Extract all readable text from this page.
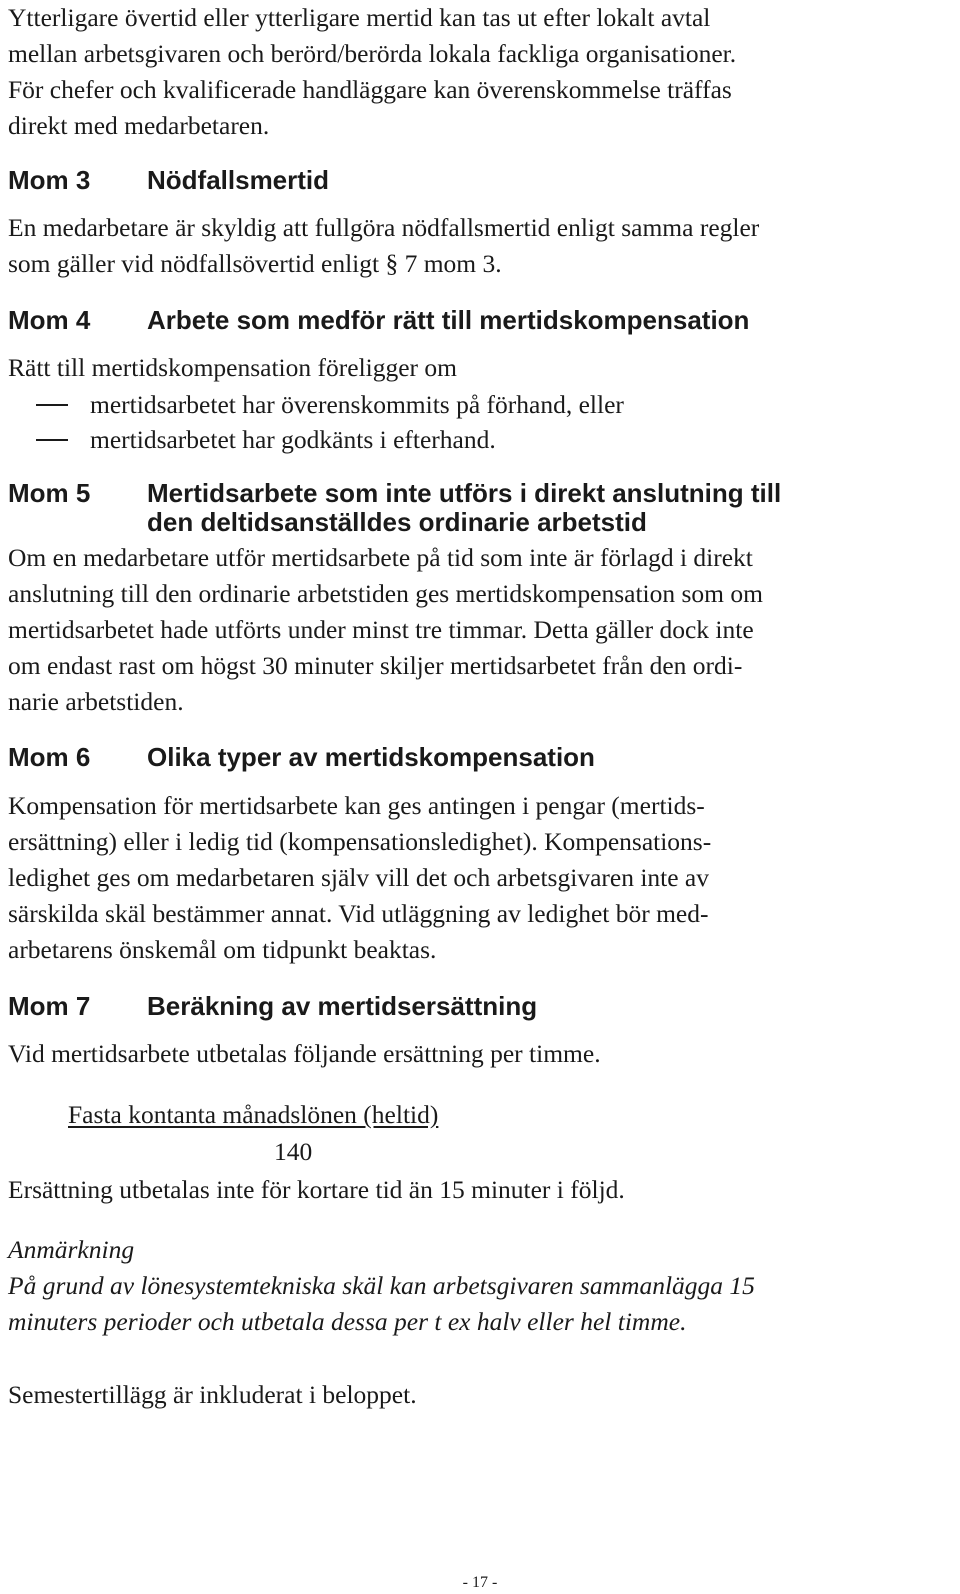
Ytterligare övertid eller ytterligare mertid kan tas ut efter lokalt avtal
mellan arbetsgivaren och berörd/berörda lokala fackliga organisationer.
För chefer och kvalificerade handläggare kan överenskommelse träffas
direkt med medarbetaren.
Mom 3 Nödfallsmertid
En medarbetare är skyldig att fullgöra nödfallsmertid enligt samma regler
som gäller vid nödfallsövertid enligt § 7 mom 3.
Mom 4 Arbete som medför rätt till mertidskompensation
Rätt till mertidskompensation föreligger om
mertidsarbetet har överenskommits på förhand, eller
mertidsarbetet har godkänts i efterhand.
Mom 5 Mertidsarbete som inte utförs i direkt anslutning till
den deltidsanställdes ordinarie arbetstid
Om en medarbetare utför mertidsarbete på tid som inte är förlagd i direkt
anslutning till den ordinarie arbetstiden ges mertidskompensation som om
mertidsarbetet hade utförts under minst tre timmar. Detta gäller dock inte
om endast rast om högst 30 minuter skiljer mertidsarbetet från den ordi-
narie arbetstiden.
Mom 6 Olika typer av mertidskompensation
Kompensation för mertidsarbete kan ges antingen i pengar (mertids-
ersättning) eller i ledig tid (kompensationsledighet). Kompensations-
ledighet ges om medarbetaren själv vill det och arbetsgivaren inte av
särskilda skäl bestämmer annat. Vid utläggning av ledighet bör med-
arbetarens önskemål om tidpunkt beaktas.
Mom 7 Beräkning av mertidsersättning
Vid mertidsarbete utbetalas följande ersättning per timme.
Fasta kontanta månadslönen (heltid)
140
Ersättning utbetalas inte för kortare tid än 15 minuter i följd.
Anmärkning
På grund av lönesystemtekniska skäl kan arbetsgivaren sammanlägga 15
minuters perioder och utbetala dessa per t ex halv eller hel timme.
Semestertillägg är inkluderat i beloppet.
- 17 -
